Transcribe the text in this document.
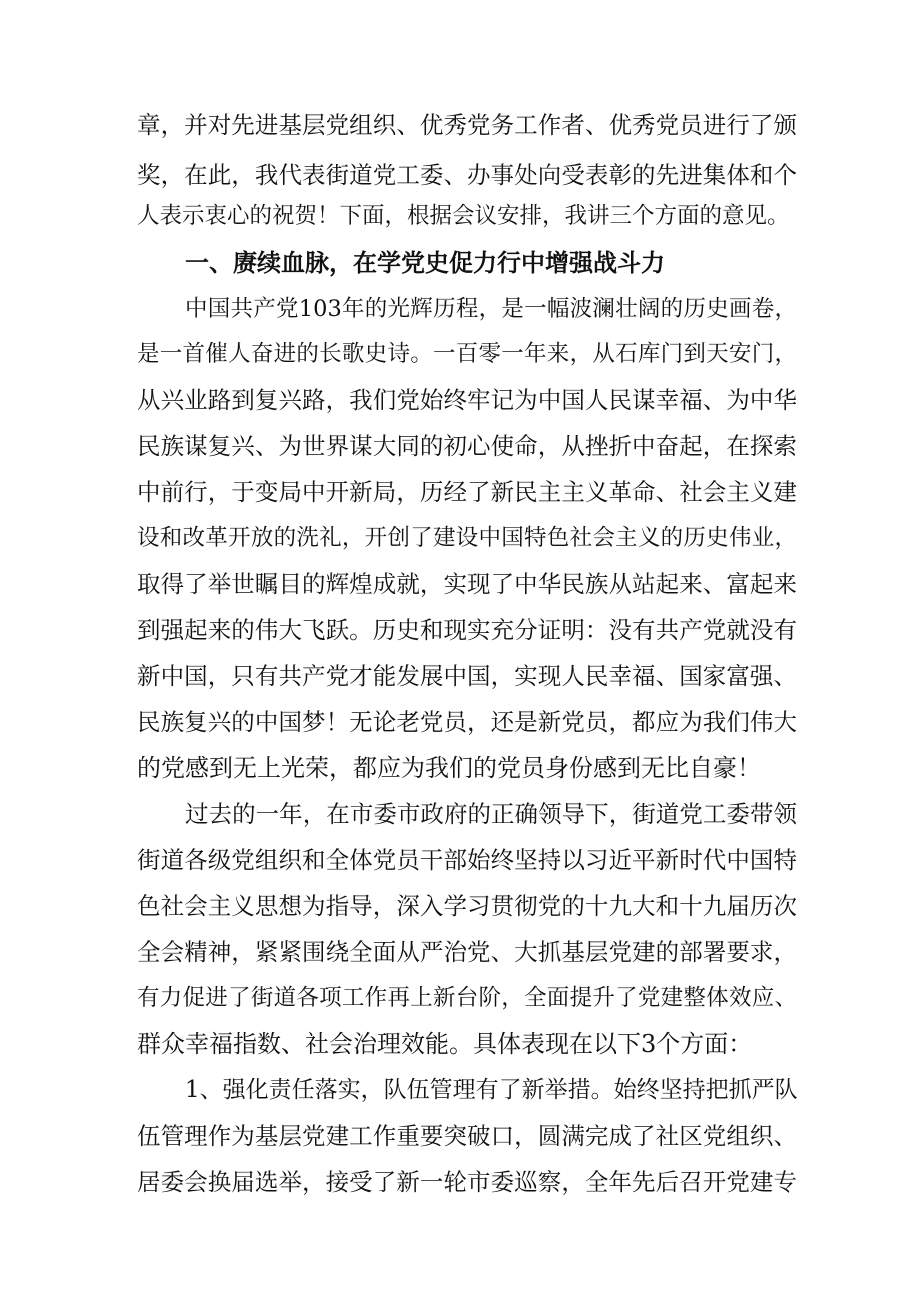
章，并对先进基层党组织、优秀党务工作者、优秀党员进行了颁
奖，在此，我代表街道党工委、办事处向受表彰的先进集体和个
人表示衷心的祝贺！下面，根据会议安排，我讲三个方面的意见。
一、赓续血脉，在学党史促力行中增强战斗力
中国共产党103年的光辉历程，是一幅波澜壮阔的历史画卷，
是一首催人奋进的长歌史诗。一百零一年来，从石库门到天安门，
从兴业路到复兴路，我们党始终牢记为中国人民谋幸福、为中华
民族谋复兴、为世界谋大同的初心使命，从挫折中奋起，在探索
中前行，于变局中开新局，历经了新民主主义革命、社会主义建
设和改革开放的洗礼，开创了建设中国特色社会主义的历史伟业，
取得了举世瞩目的辉煌成就，实现了中华民族从站起来、富起来
到强起来的伟大飞跃。历史和现实充分证明：没有共产党就没有
新中国，只有共产党才能发展中国，实现人民幸福、国家富强、
民族复兴的中国梦！无论老党员，还是新党员，都应为我们伟大
的党感到无上光荣，都应为我们的党员身份感到无比自豪！
过去的一年，在市委市政府的正确领导下，街道党工委带领
街道各级党组织和全体党员干部始终坚持以习近平新时代中国特
色社会主义思想为指导，深入学习贯彻党的十九大和十九届历次
全会精神，紧紧围绕全面从严治党、大抓基层党建的部署要求，
有力促进了街道各项工作再上新台阶，全面提升了党建整体效应、
群众幸福指数、社会治理效能。具体表现在以下3个方面：
1、强化责任落实，队伍管理有了新举措。始终坚持把抓严队
伍管理作为基层党建工作重要突破口，圆满完成了社区党组织、
居委会换届选举，接受了新一轮市委巡察，全年先后召开党建专
